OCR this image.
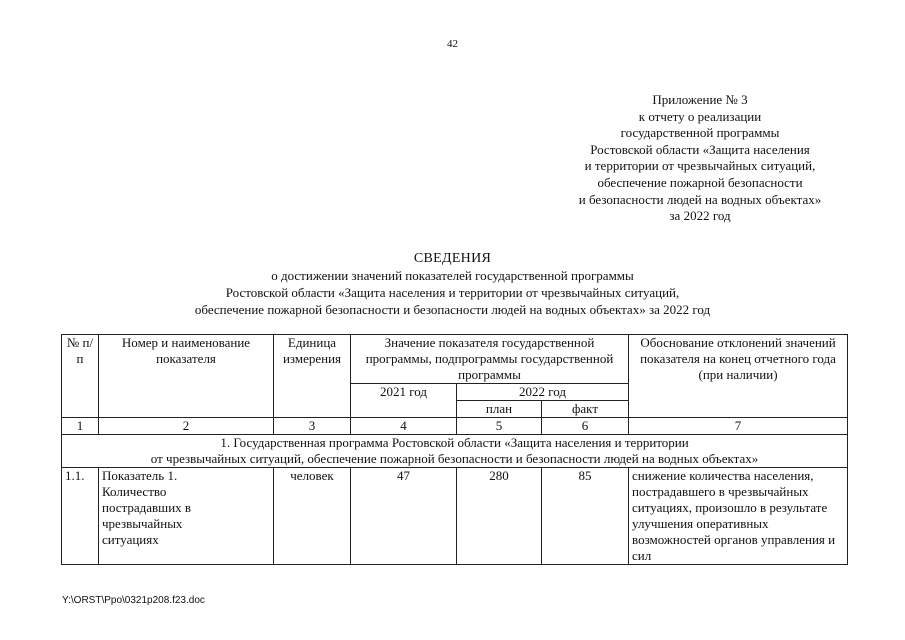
42
Приложение № 3
к отчету о реализации
государственной программы
Ростовской области «Защита населения
и территории от чрезвычайных ситуаций,
обеспечение пожарной безопасности
и безопасности людей на водных объектах»
за 2022 год
СВЕДЕНИЯ
о достижении значений показателей государственной программы
Ростовской области «Защита населения и территории от чрезвычайных ситуаций,
обеспечение пожарной безопасности и безопасности людей на водных объектах» за 2022 год
№ п/п	Номер и наименование показателя	Единица измерения	Значение показателя государственной программы, подпрограммы государственной программы			Обоснование отклонений значений показателя на конец отчетного года (при наличии)
			2021 год	2022 год		
				план	факт	
1	2	3	4	5	6	7

1. Государственная программа Ростовской области «Защита населения и территории
от чрезвычайных ситуаций, обеспечение пожарной безопасности и безопасности людей на водных объектах»						

1.1.	Показатель 1. Количество пострадавших в чрезвычайных ситуациях	человек	47	280	85	снижение количества населения, пострадавшего в чрезвычайных ситуациях, произошло в результате улучшения оперативных возможностей органов управления и сил
Y:\ORST\Ppo\0321p208.f23.doc
